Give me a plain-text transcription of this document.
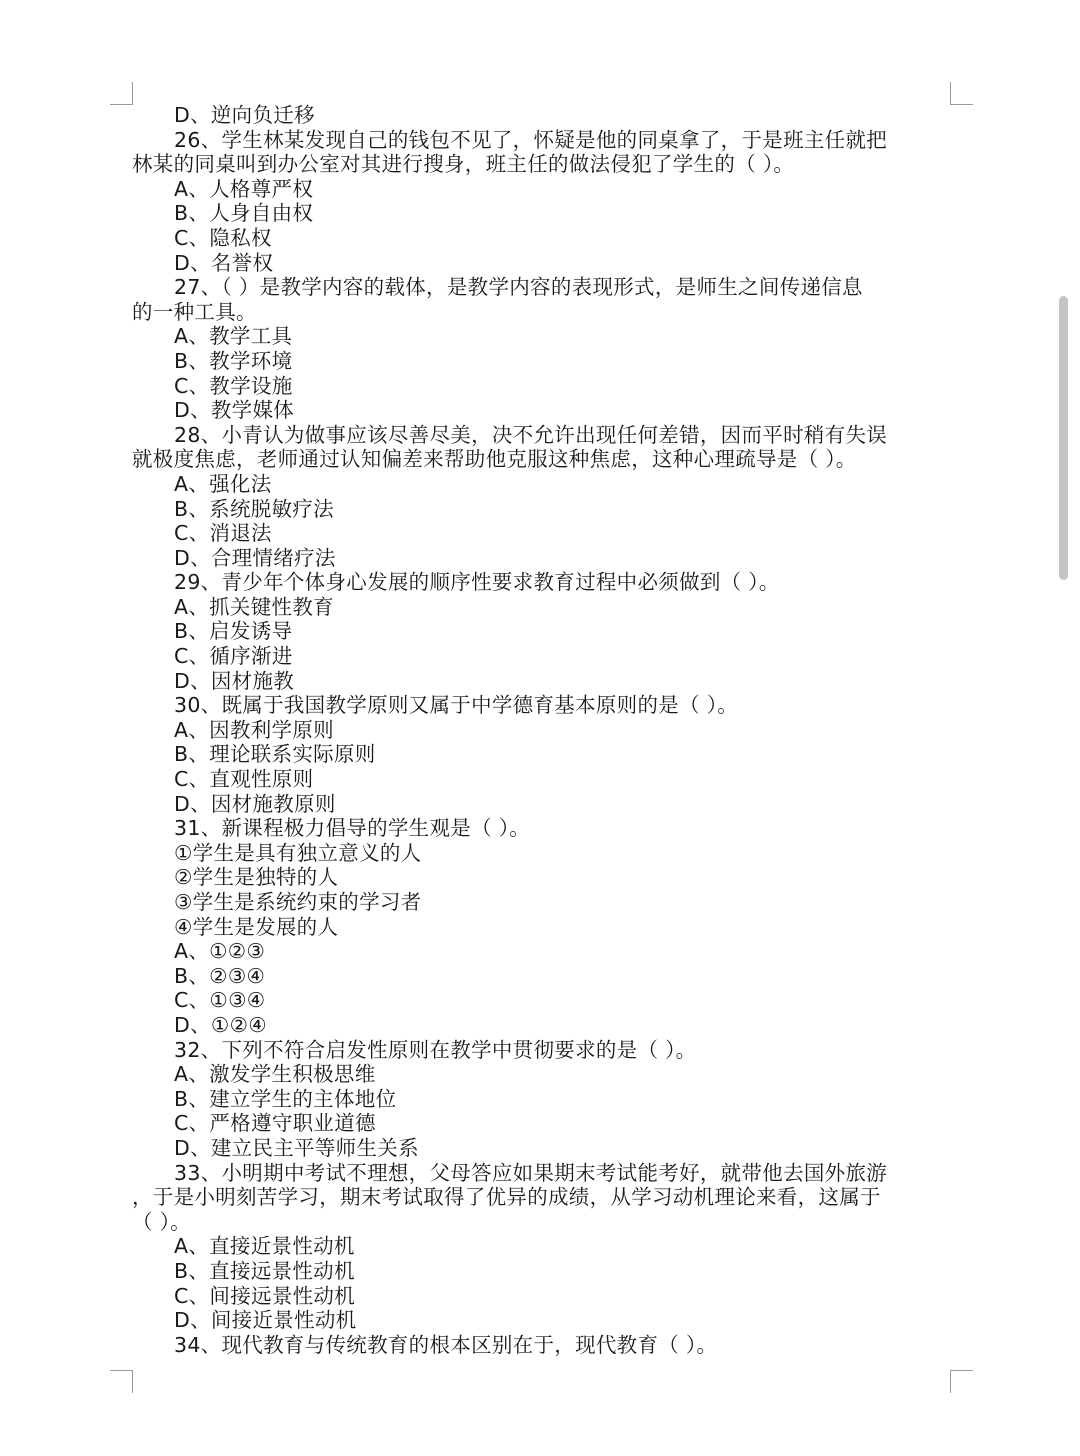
D、逆向负迁移
26、学生林某发现自己的钱包不见了，怀疑是他的同桌拿了，于是班主任就把
林某的同桌叫到办公室对其进行搜身，班主任的做法侵犯了学生的（ ）。
A、人格尊严权
B、人身自由权
C、隐私权
D、名誉权
27、（ ）是教学内容的载体，是教学内容的表现形式，是师生之间传递信息
的一种工具。
A、教学工具
B、教学环境
C、教学设施
D、教学媒体
28、小青认为做事应该尽善尽美，决不允许出现任何差错，因而平时稍有失误
就极度焦虑，老师通过认知偏差来帮助他克服这种焦虑，这种心理疏导是（ ）。
A、强化法
B、系统脱敏疗法
C、消退法
D、合理情绪疗法
29、青少年个体身心发展的顺序性要求教育过程中必须做到（ ）。
A、抓关键性教育
B、启发诱导
C、循序渐进
D、因材施教
30、既属于我国教学原则又属于中学德育基本原则的是（ ）。
A、因教利学原则
B、理论联系实际原则
C、直观性原则
D、因材施教原则
31、新课程极力倡导的学生观是（ ）。
①学生是具有独立意义的人
②学生是独特的人
③学生是系统约束的学习者
④学生是发展的人
A、①②③
B、②③④
C、①③④
D、①②④
32、下列不符合启发性原则在教学中贯彻要求的是（ ）。
A、激发学生积极思维
B、建立学生的主体地位
C、严格遵守职业道德
D、建立民主平等师生关系
33、小明期中考试不理想，父母答应如果期末考试能考好，就带他去国外旅游
，于是小明刻苦学习，期末考试取得了优异的成绩，从学习动机理论来看，这属于
（ ）。
A、直接近景性动机
B、直接远景性动机
C、间接远景性动机
D、间接近景性动机
34、现代教育与传统教育的根本区别在于，现代教育（ ）。
